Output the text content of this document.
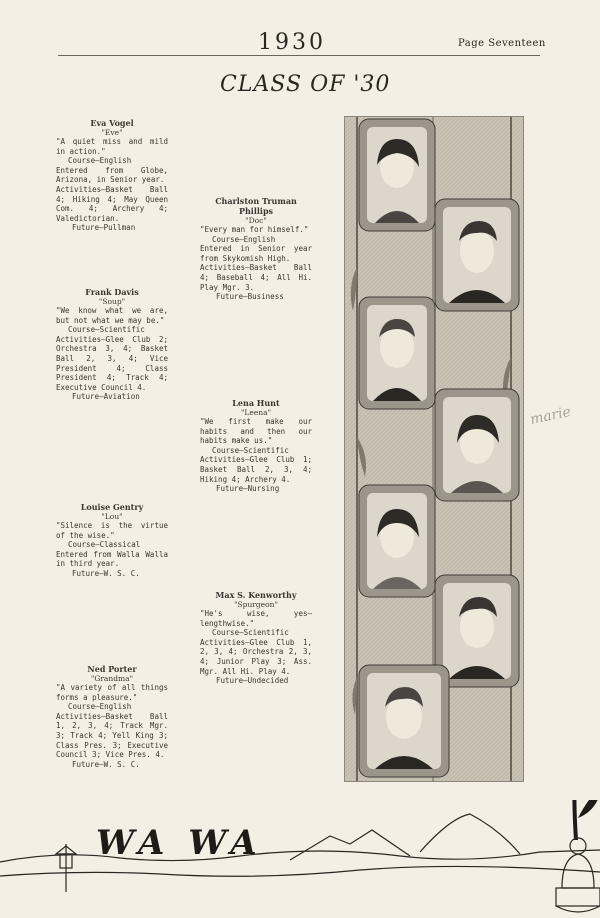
1930	Page Seventeen
CLASS OF '30
Eva Vogel
"Eve"
"A quiet miss and mild in action."
Course—English
Entered from Globe, Arizona, in Senior year.
Activities—Basket Ball 4; Hiking 4; May Queen Com. 4; Archery 4; Valedictorian.
Future—Pullman
Charlston Truman Phillips
"Doc"
"Every man for himself."
Course—English
Entered in Senior year from Skykomish High.
Activities—Basket Ball 4; Baseball 4; All Hi. Play Mgr. 3.
Future—Business
Frank Davis
"Soup"
"We know what we are, but not what we may be."
Course—Scientific
Activities—Glee Club 2; Orchestra 3, 4; Basket Ball 2, 3, 4; Vice President 4; Class President 4; Track 4; Executive Council 4.
Future—Aviation
Lena Hunt
"Leena"
"We first make our habits and then our habits make us."
Course—Scientific
Activities—Glee Club 1; Basket Ball 2, 3, 4; Hiking 4; Archery 4.
Future—Nursing
Louise Gentry
"Lou"
"Silence is the virtue of the wise."
Course—Classical
Entered from Walla Walla in third year.
Future—W. S. C.
Max S. Kenworthy
"Spurgeon"
"He's wise, yes— lengthwise."
Course—Scientific
Activities—Glee Club 1, 2, 3, 4; Orchestra 2, 3, 4; Junior Play 3; Ass. Mgr. All Hi. Play 4.
Future—Undecided
Ned Porter
"Grandma"
"A variety of all things forms a pleasure."
Course—English
Activities—Basket Ball 1, 2, 3, 4; Track Mgr. 3; Track 4; Yell King 3; Class Pres. 3; Executive Council 3; Vice Pres. 4.
Future—W. S. C.
marie
WA WA
